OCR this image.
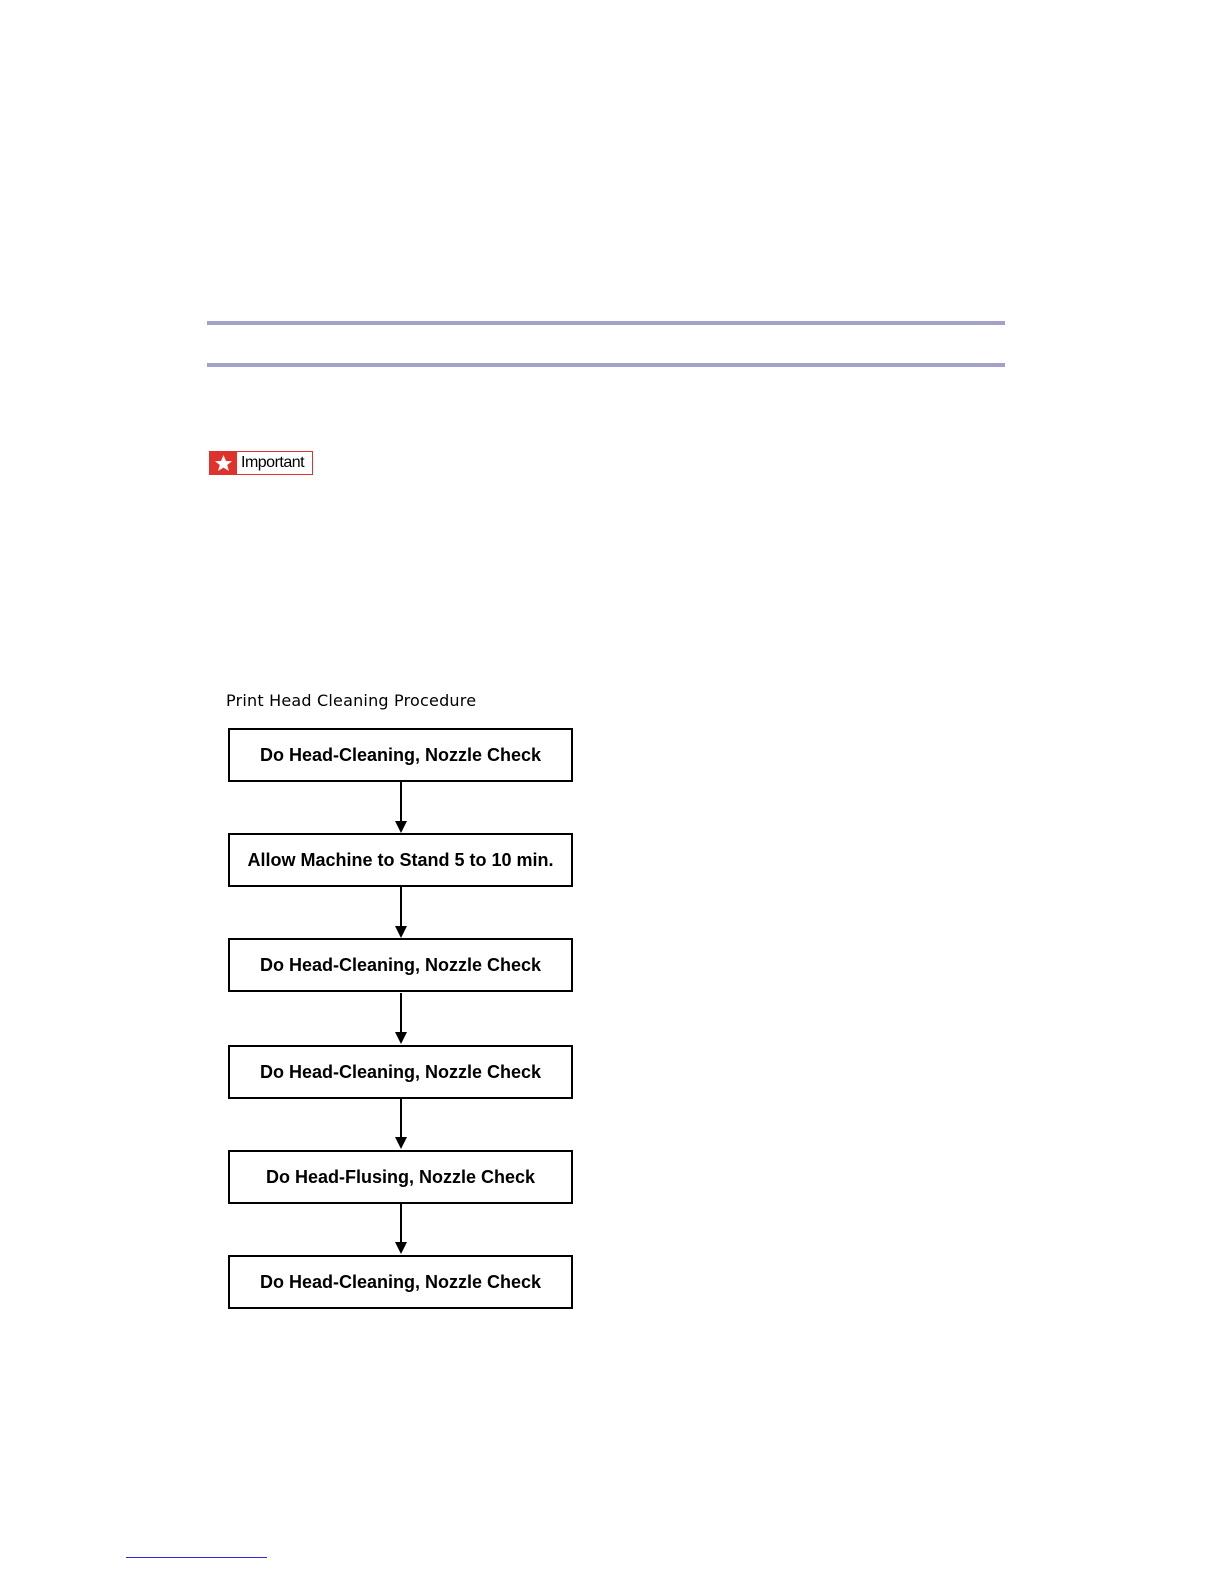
Important
Print Head Cleaning Procedure
Do Head-Cleaning, Nozzle Check
Allow Machine to Stand 5 to 10 min.
Do Head-Cleaning, Nozzle Check
Do Head-Cleaning, Nozzle Check
Do Head-Flusing, Nozzle Check
Do Head-Cleaning, Nozzle Check
